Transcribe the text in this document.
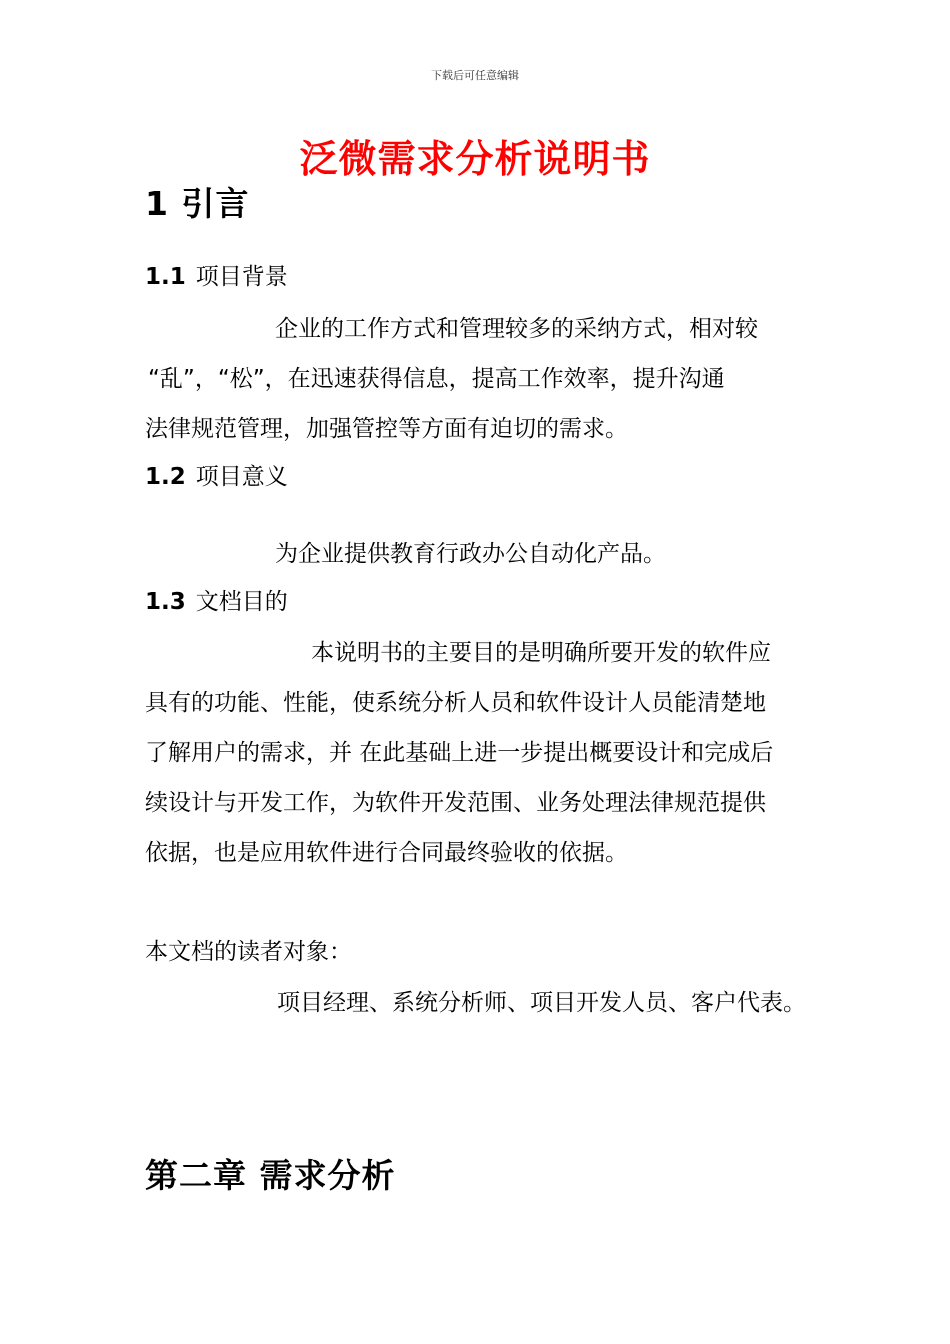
下载后可任意编辑
泛微需求分析说明书
1 引言
1.1 项目背景
企业的工作方式和管理较多的采纳方式，相对较
“乱”，“松”，在迅速获得信息，提高工作效率，提升沟通
法律规范管理，加强管控等方面有迫切的需求。
1.2 项目意义
为企业提供教育行政办公自动化产品。
1.3 文档目的
本说明书的主要目的是明确所要开发的软件应
具有的功能、性能，使系统分析人员和软件设计人员能清楚地
了解用户的需求，并 在此基础上进一步提出概要设计和完成后
续设计与开发工作，为软件开发范围、业务处理法律规范提供
依据，也是应用软件进行合同最终验收的依据。
本文档的读者对象：
项目经理、系统分析师、项目开发人员、客户代表。
第二章 需求分析
